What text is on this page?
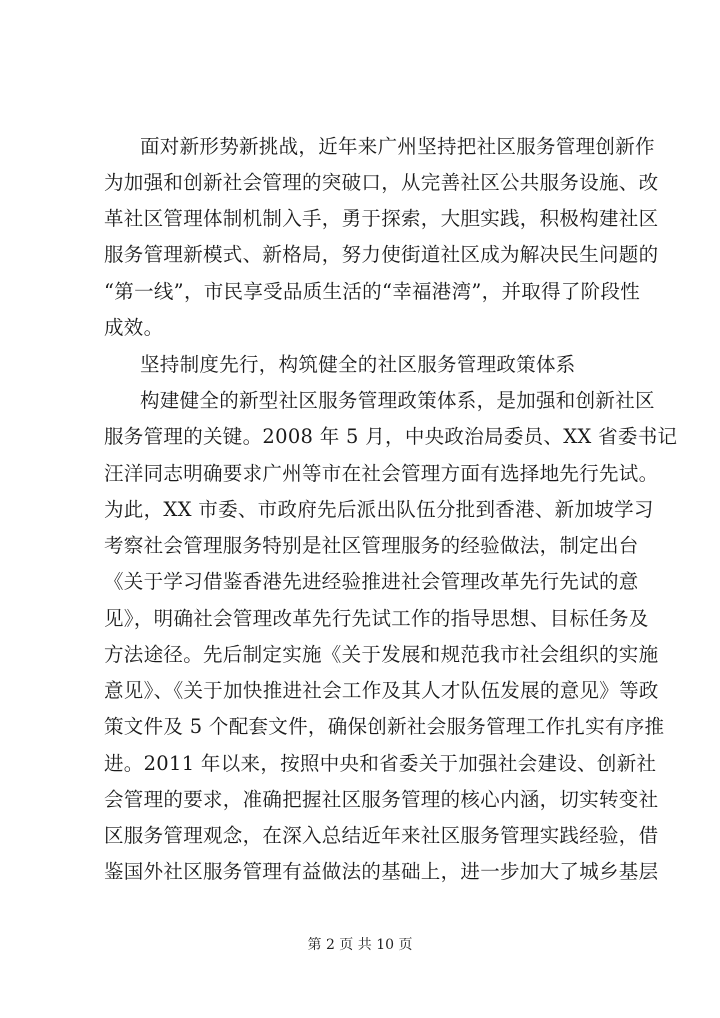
面对新形势新挑战，近年来广州坚持把社区服务管理创新作
为加强和创新社会管理的突破口，从完善社区公共服务设施、改
革社区管理体制机制入手，勇于探索，大胆实践，积极构建社区
服务管理新模式、新格局，努力使街道社区成为解决民生问题的
“第一线”，市民享受品质生活的“幸福港湾”，并取得了阶段性
成效。
坚持制度先行，构筑健全的社区服务管理政策体系
构建健全的新型社区服务管理政策体系，是加强和创新社区
服务管理的关键。2008 年 5 月，中央政治局委员、XX 省委书记
汪洋同志明确要求广州等市在社会管理方面有选择地先行先试。
为此，XX 市委、市政府先后派出队伍分批到香港、新加坡学习
考察社会管理服务特别是社区管理服务的经验做法，制定出台
《关于学习借鉴香港先进经验推进社会管理改革先行先试的意
见》，明确社会管理改革先行先试工作的指导思想、目标任务及
方法途径。先后制定实施《关于发展和规范我市社会组织的实施
意见》、《关于加快推进社会工作及其人才队伍发展的意见》等政
策文件及 5 个配套文件，确保创新社会服务管理工作扎实有序推
进。2011 年以来，按照中央和省委关于加强社会建设、创新社
会管理的要求，准确把握社区服务管理的核心内涵，切实转变社
区服务管理观念，在深入总结近年来社区服务管理实践经验，借
鉴国外社区服务管理有益做法的基础上，进一步加大了城乡基层
第 2 页 共 10 页
